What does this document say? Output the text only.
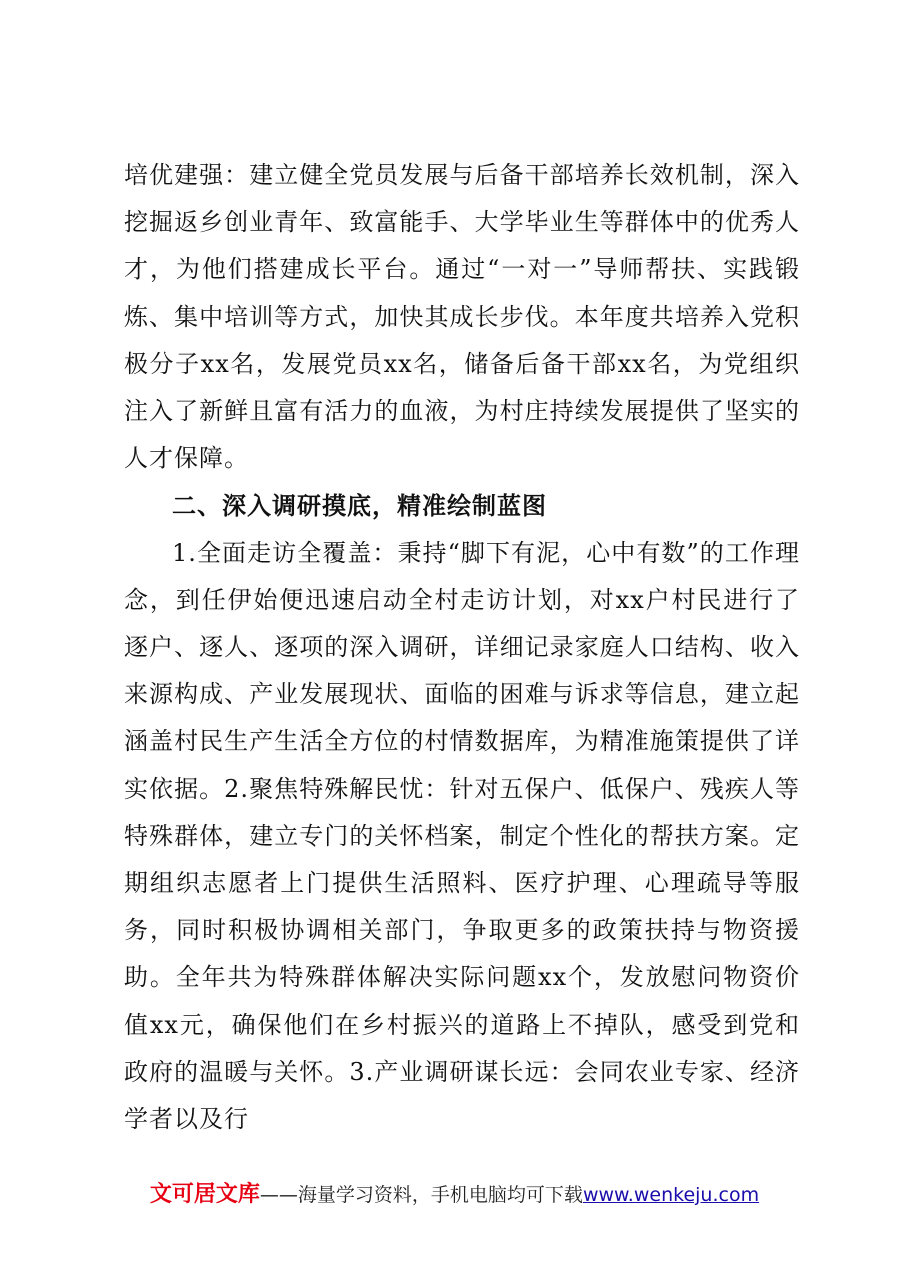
培优建强：建立健全党员发展与后备干部培养长效机制，深入挖掘返乡创业青年、致富能手、大学毕业生等群体中的优秀人才，为他们搭建成长平台。通过“一对一”导师帮扶、实践锻炼、集中培训等方式，加快其成长步伐。本年度共培养入党积极分子xx名，发展党员xx名，储备后备干部xx名，为党组织注入了新鲜且富有活力的血液，为村庄持续发展提供了坚实的人才保障。

二、深入调研摸底，精准绘制蓝图

1.全面走访全覆盖：秉持“脚下有泥，心中有数”的工作理念，到任伊始便迅速启动全村走访计划，对xx户村民进行了逐户、逐人、逐项的深入调研，详细记录家庭人口结构、收入来源构成、产业发展现状、面临的困难与诉求等信息，建立起涵盖村民生产生活全方位的村情数据库，为精准施策提供了详实依据。2.聚焦特殊解民忧：针对五保户、低保户、残疾人等特殊群体，建立专门的关怀档案，制定个性化的帮扶方案。定期组织志愿者上门提供生活照料、医疗护理、心理疏导等服务，同时积极协调相关部门，争取更多的政策扶持与物资援助。全年共为特殊群体解决实际问题xx个，发放慰问物资价值xx元，确保他们在乡村振兴的道路上不掉队，感受到党和政府的温暖与关怀。3.产业调研谋长远：会同农业专家、经济学者以及行

文可居文库——海量学习资料，手机电脑均可下载www.wenkeju.com
